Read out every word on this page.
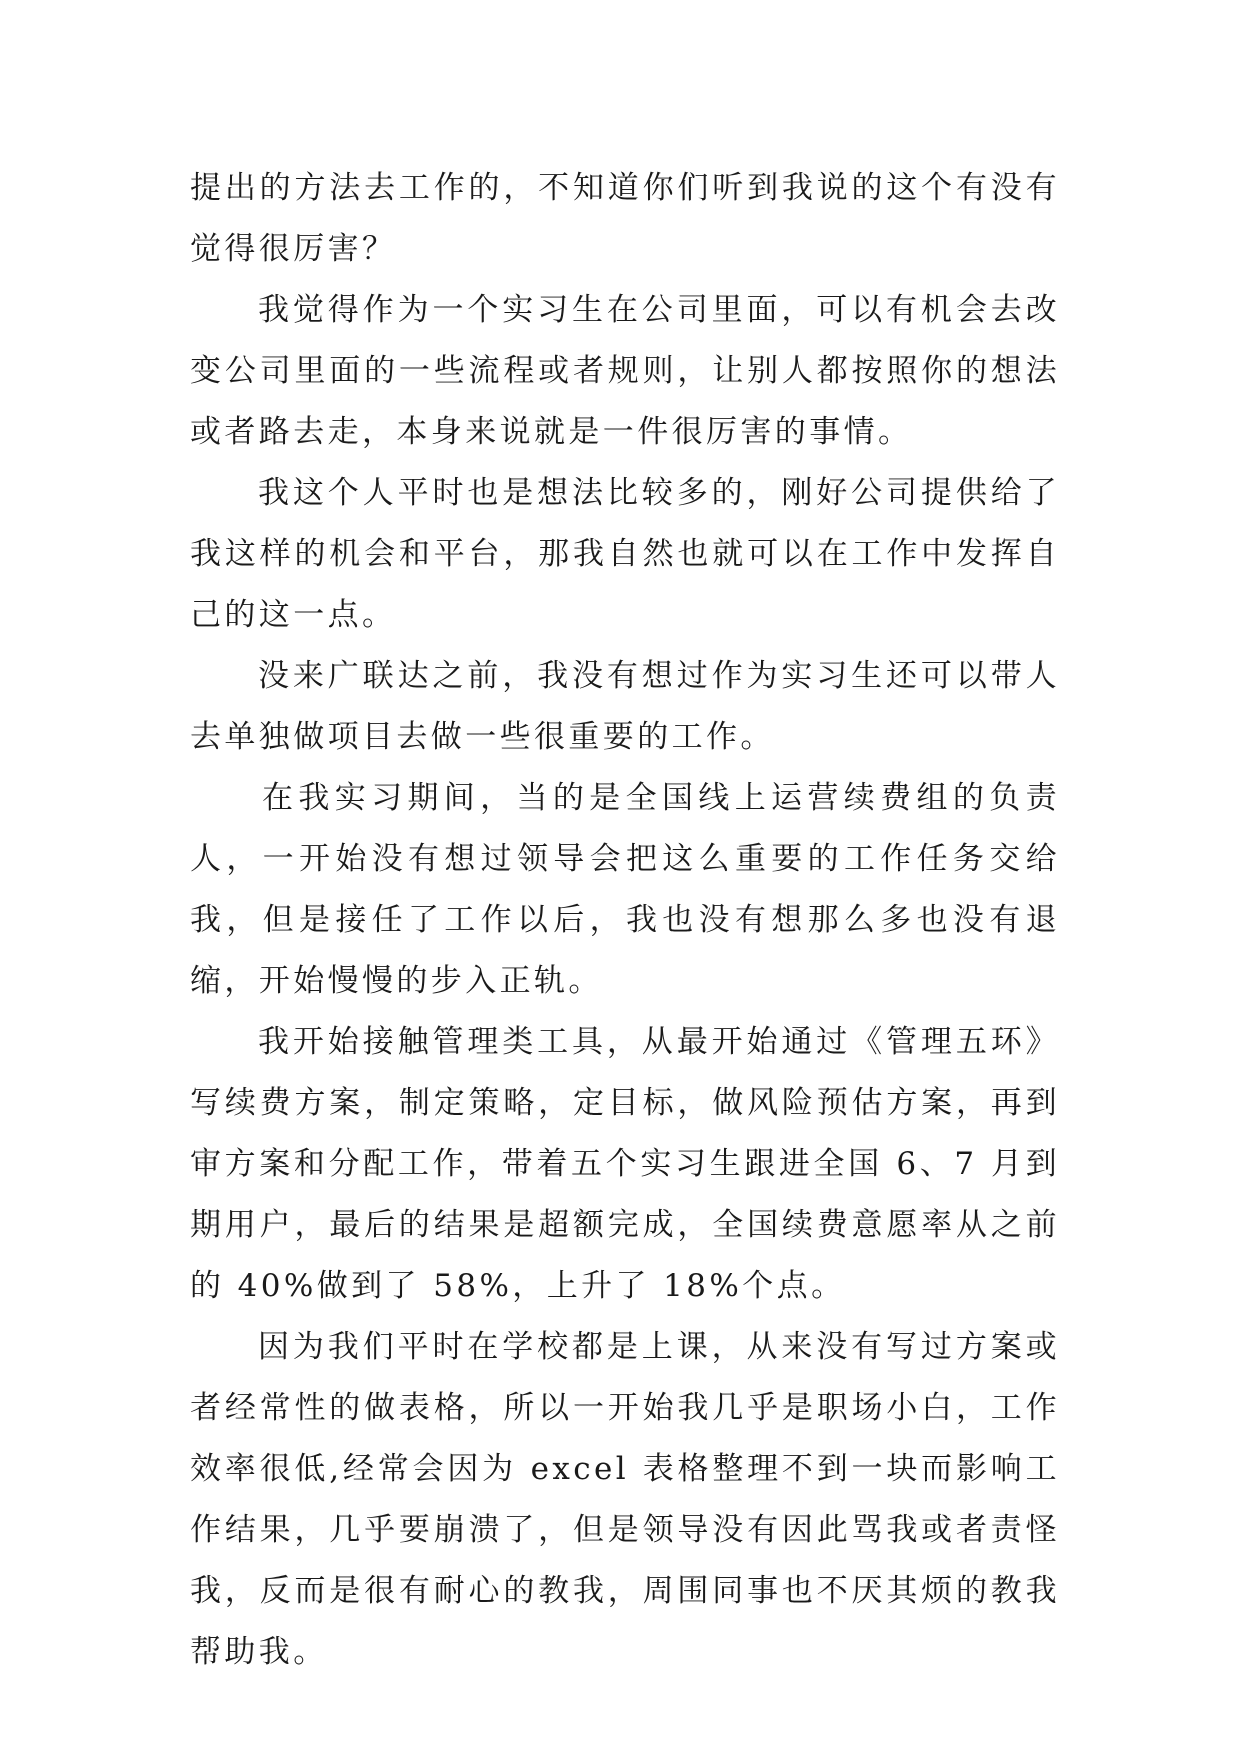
提出的方法去工作的，不知道你们听到我说的这个有没有觉得很厉害？

我觉得作为一个实习生在公司里面，可以有机会去改变公司里面的一些流程或者规则，让别人都按照你的想法或者路去走，本身来说就是一件很厉害的事情。

我这个人平时也是想法比较多的，刚好公司提供给了我这样的机会和平台，那我自然也就可以在工作中发挥自己的这一点。

没来广联达之前，我没有想过作为实习生还可以带人去单独做项目去做一些很重要的工作。

在我实习期间，当的是全国线上运营续费组的负责人，一开始没有想过领导会把这么重要的工作任务交给我，但是接任了工作以后，我也没有想那么多也没有退缩，开始慢慢的步入正轨。

我开始接触管理类工具，从最开始通过《管理五环》写续费方案，制定策略，定目标，做风险预估方案，再到审方案和分配工作，带着五个实习生跟进全国 6、7 月到期用户，最后的结果是超额完成，全国续费意愿率从之前的 40%做到了 58%，上升了 18%个点。

因为我们平时在学校都是上课，从来没有写过方案或者经常性的做表格，所以一开始我几乎是职场小白，工作效率很低,经常会因为 excel 表格整理不到一块而影响工作结果，几乎要崩溃了，但是领导没有因此骂我或者责怪我，反而是很有耐心的教我，周围同事也不厌其烦的教我帮助我。
